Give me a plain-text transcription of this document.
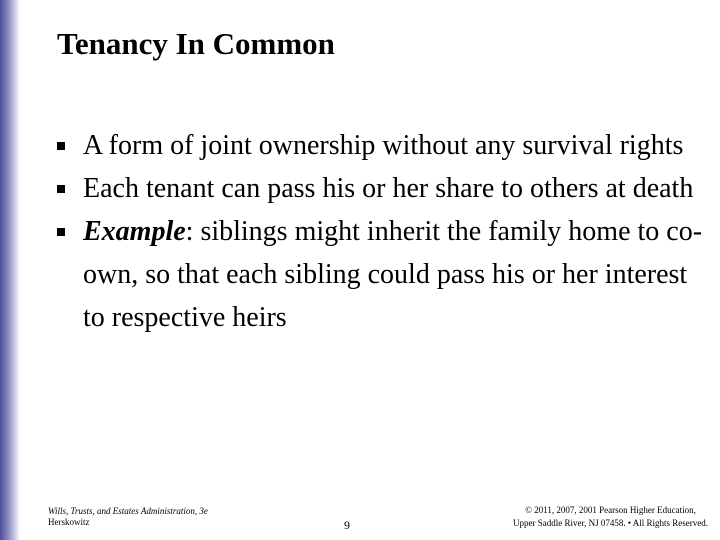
Tenancy In Common
A form of joint ownership without any survival rights
Each tenant can pass his or her share to others at death
Example: siblings might inherit the family home to co-own, so that each sibling could pass his or her interest to respective heirs
Wills, Trusts, and Estates Administration, 3e
Herskowitz	9
© 2011, 2007, 2001 Pearson Higher Education,
Upper Saddle River, NJ 07458. • All Rights Reserved.
